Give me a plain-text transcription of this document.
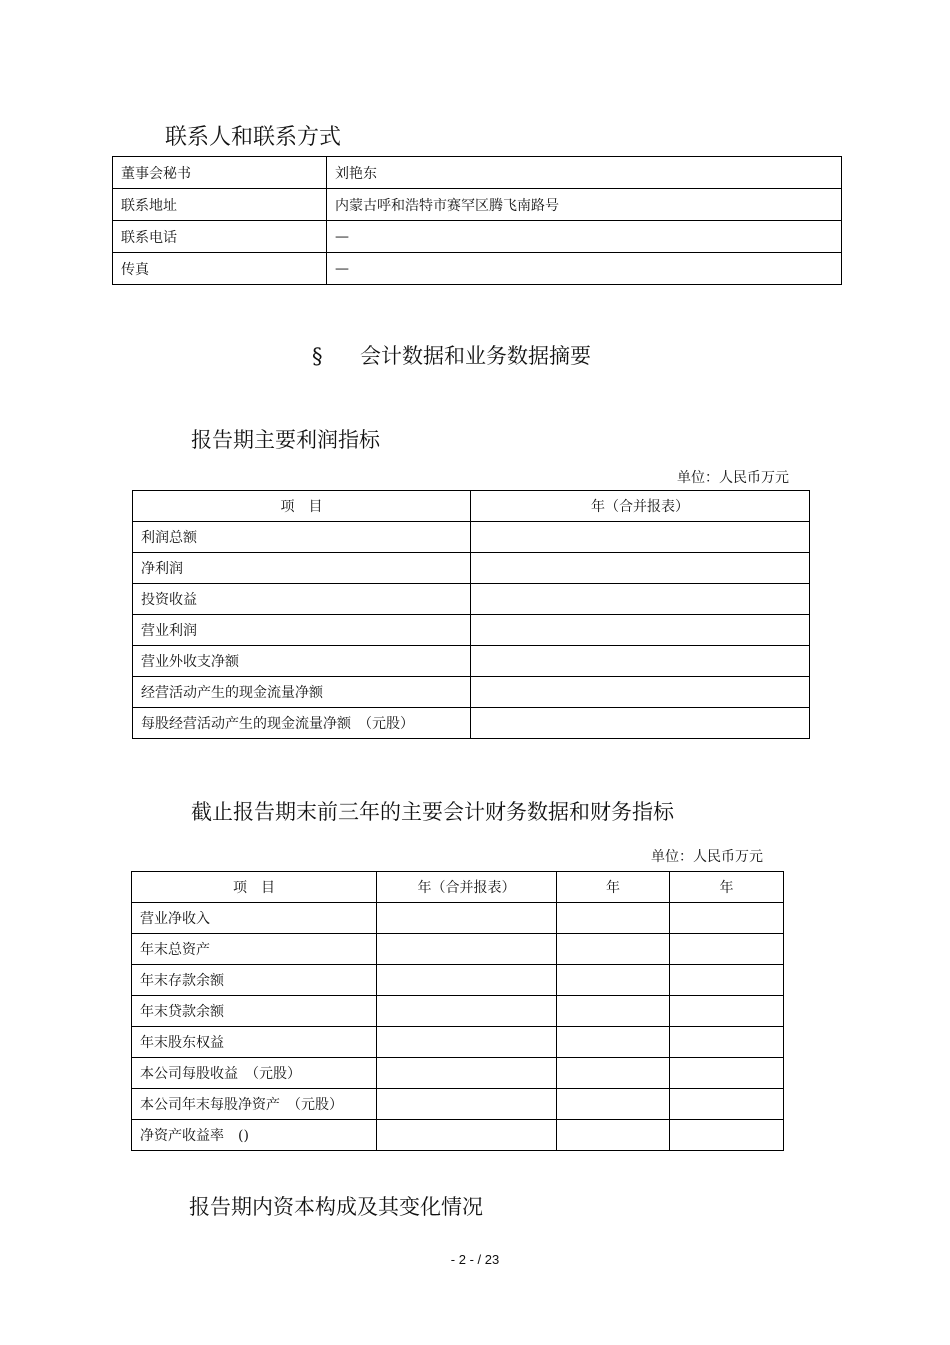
联系人和联系方式
董事会秘书	刘艳东
联系地址	内蒙古呼和浩特市赛罕区腾飞南路号
联系电话	—
传真	—
§ 会计数据和业务数据摘要
报告期主要利润指标
单位：人民币万元
项　目	年（合并报表）
利润总额	
净利润	
投资收益	
营业利润	
营业外收支净额	
经营活动产生的现金流量净额	
每股经营活动产生的现金流量净额　（元股）	
截止报告期末前三年的主要会计财务数据和财务指标
单位：人民币万元
项　目	年（合并报表）	年	年
营业净收入			
年末总资产			
年末存款余额			
年末贷款余额			
年末股东权益			
本公司每股收益　（元股）			
本公司年末每股净资产　（元股）			
净资产收益率　()			
报告期内资本构成及其变化情况
- 2 - / 23
